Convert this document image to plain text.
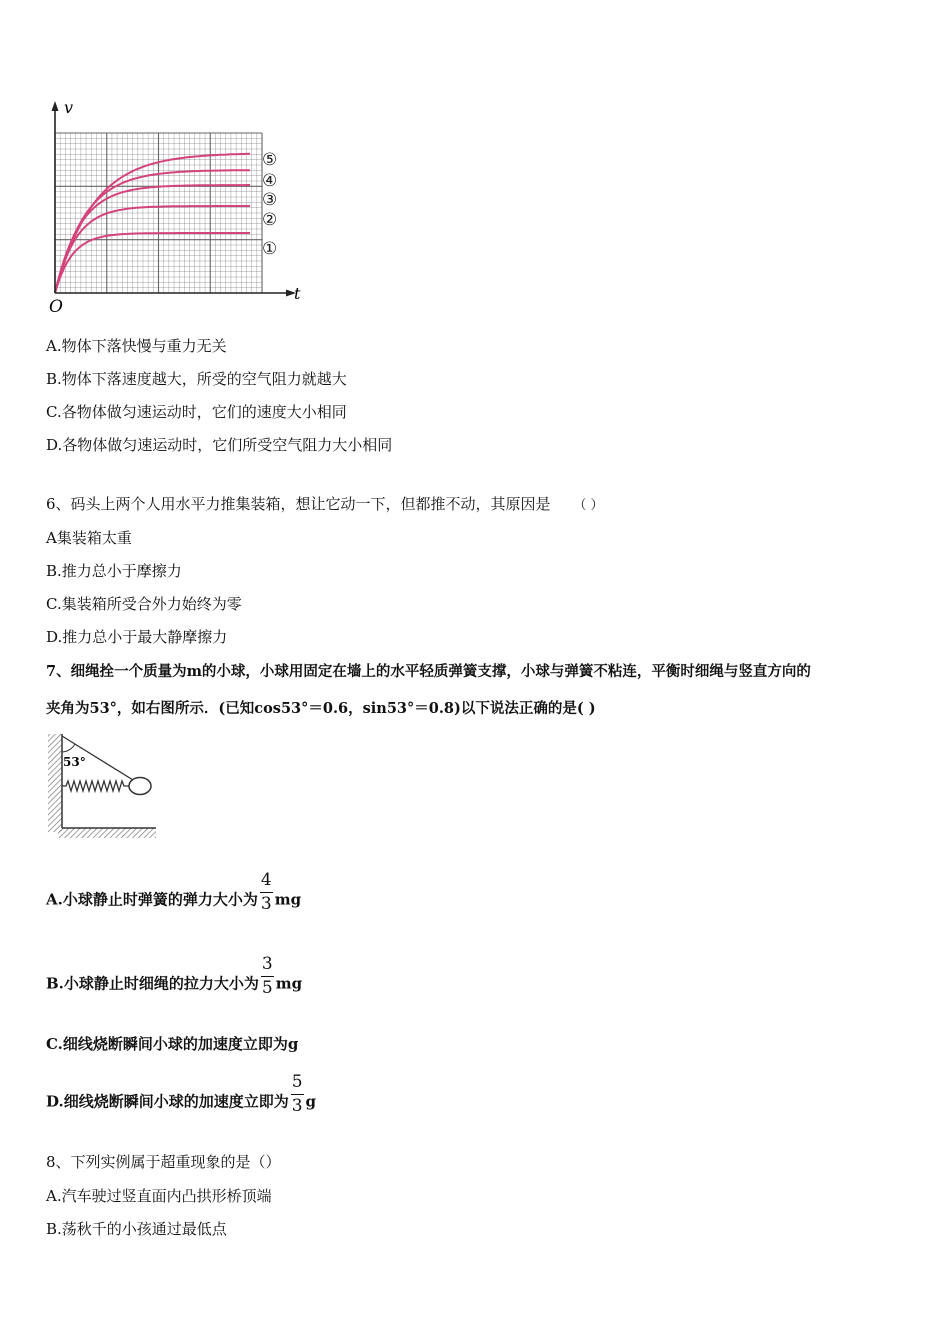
v
t
O
⑤
④
③
②
①
A.物体下落快慢与重力无关
B.物体下落速度越大，所受的空气阻力就越大
C.各物体做匀速运动时，它们的速度大小相同
D.各物体做匀速运动时，它们所受空气阻力大小相同
6、码头上两个人用水平力推集装箱，想让它动一下，但都推不动，其原因是 （ ）
A集装箱太重
B.推力总小于摩擦力
C.集装箱所受合外力始终为零
D.推力总小于最大静摩擦力
7、细绳拴一个质量为m的小球，小球用固定在墙上的水平轻质弹簧支撑，小球与弹簧不粘连，平衡时细绳与竖直方向的
夹角为53°，如右图所示．(已知cos53°＝0.6，sin53°＝0.8)以下说法正确的是( )
53°
A.小球静止时弹簧的弹力大小为 $\frac{4}{3}$ mg
B.小球静止时细绳的拉力大小为 $\frac{3}{5}$ mg
C.细线烧断瞬间小球的加速度立即为g
D.细线烧断瞬间小球的加速度立即为 $\frac{5}{3}$ g
8、下列实例属于超重现象的是（）
A.汽车驶过竖直面内凸拱形桥顶端
B.荡秋千的小孩通过最低点
